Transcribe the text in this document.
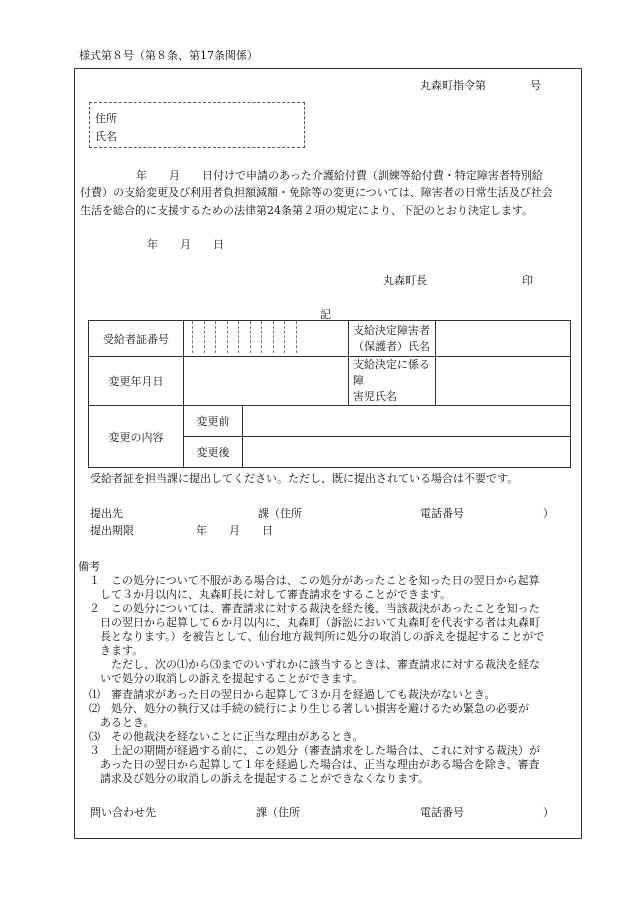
様式第８号（第８条、第17条関係）
丸森町指令第　　　　号
住所
氏名
年　　月　　日付けで申請のあった介護給付費（訓練等給付費・特定障害者特別給
付費）の支給変更及び利用者負担額減額・免除等の変更については、障害者の日常生活及び社会
生活を総合的に支援するための法律第24条第２項の規定により、下記のとおり決定します。
年　　月　　日
丸森町長	印
記
受給者証番号		支給決定障害者
（保護者）氏名	

変更年月日		支給決定に係る障
害児氏名	

変更の内容	変更前		

変更後		
受給者証を担当課に提出してください。ただし、既に提出されている場合は不要です。
提出先	課（住所	電話番号	）
提出期限	年　　月　　日
備考
　１　この処分について不服がある場合は、この処分があったことを知った日の翌日から起算
　　して３か月以内に、丸森町長に対して審査請求をすることができます。
　２　この処分については、審査請求に対する裁決を経た後、当該裁決があったことを知った
　　日の翌日から起算して６か月以内に、丸森町（訴訟において丸森町を代表する者は丸森町
　　長となります。）を被告として、仙台地方裁判所に処分の取消しの訴えを提起することがで
　　きます。
　　　ただし、次の⑴から⑶までのいずれかに該当するときは、審査請求に対する裁決を経な
　　いで処分の取消しの訴えを提起することができます。
　⑴　審査請求があった日の翌日から起算して３か月を経過しても裁決がないとき。
　⑵　処分、処分の執行又は手続の続行により生じる著しい損害を避けるため緊急の必要が
　　あるとき。
　⑶　その他裁決を経ないことに正当な理由があるとき。
　３　上記の期間が経過する前に、この処分（審査請求をした場合は、これに対する裁決）が
　　あった日の翌日から起算して１年を経過した場合は、正当な理由がある場合を除き、審査
　　請求及び処分の取消しの訴えを提起することができなくなります。
問い合わせ先	課（住所	電話番号	）
